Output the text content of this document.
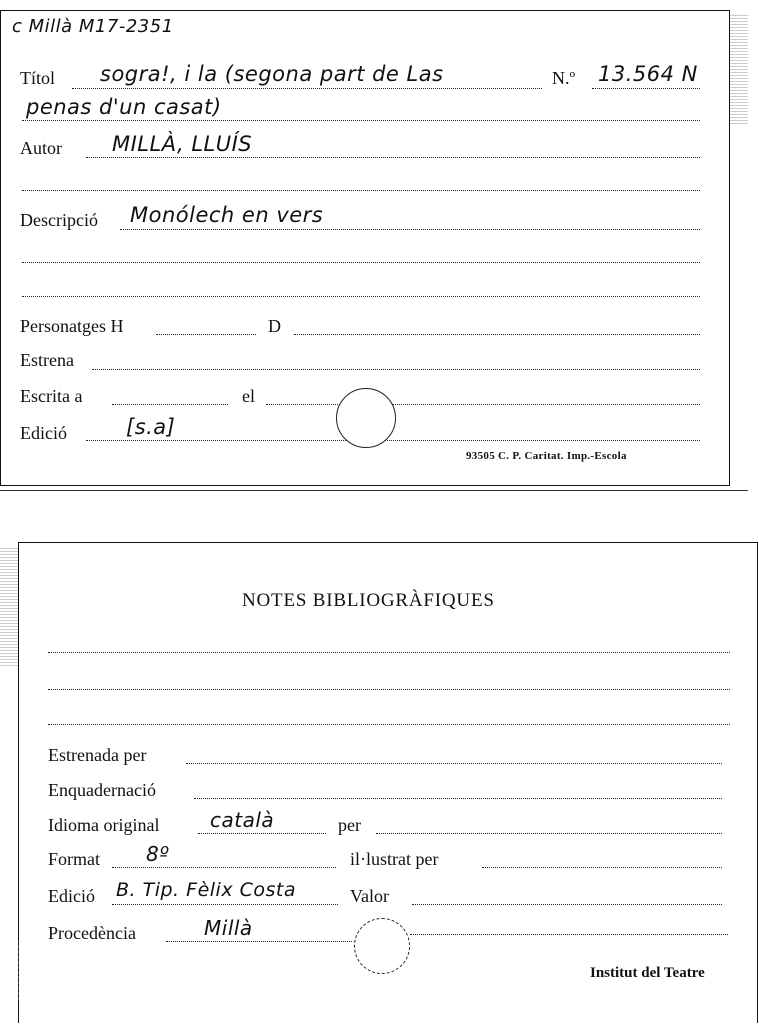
c Millà M17-2351
Títol sogra!, i la (segona part de Las	N.º 13.564 N
penas d'un casat)
Autor MILLÀ, LLUÍS
Descripció Monólech en vers
Personatges H	D
Estrena
Escrita a	el
Edició	[s.a]
93505 C. P. Caritat. Imp.-Escola
NOTES BIBLIOGRÀFIQUES
Estrenada per
Enquadernació
Idioma original	català	per
Format 8º	il·lustrat per
Edició B. Tip. Fèlix Costa	Valor
Procedència	Millà
Institut del Teatre
